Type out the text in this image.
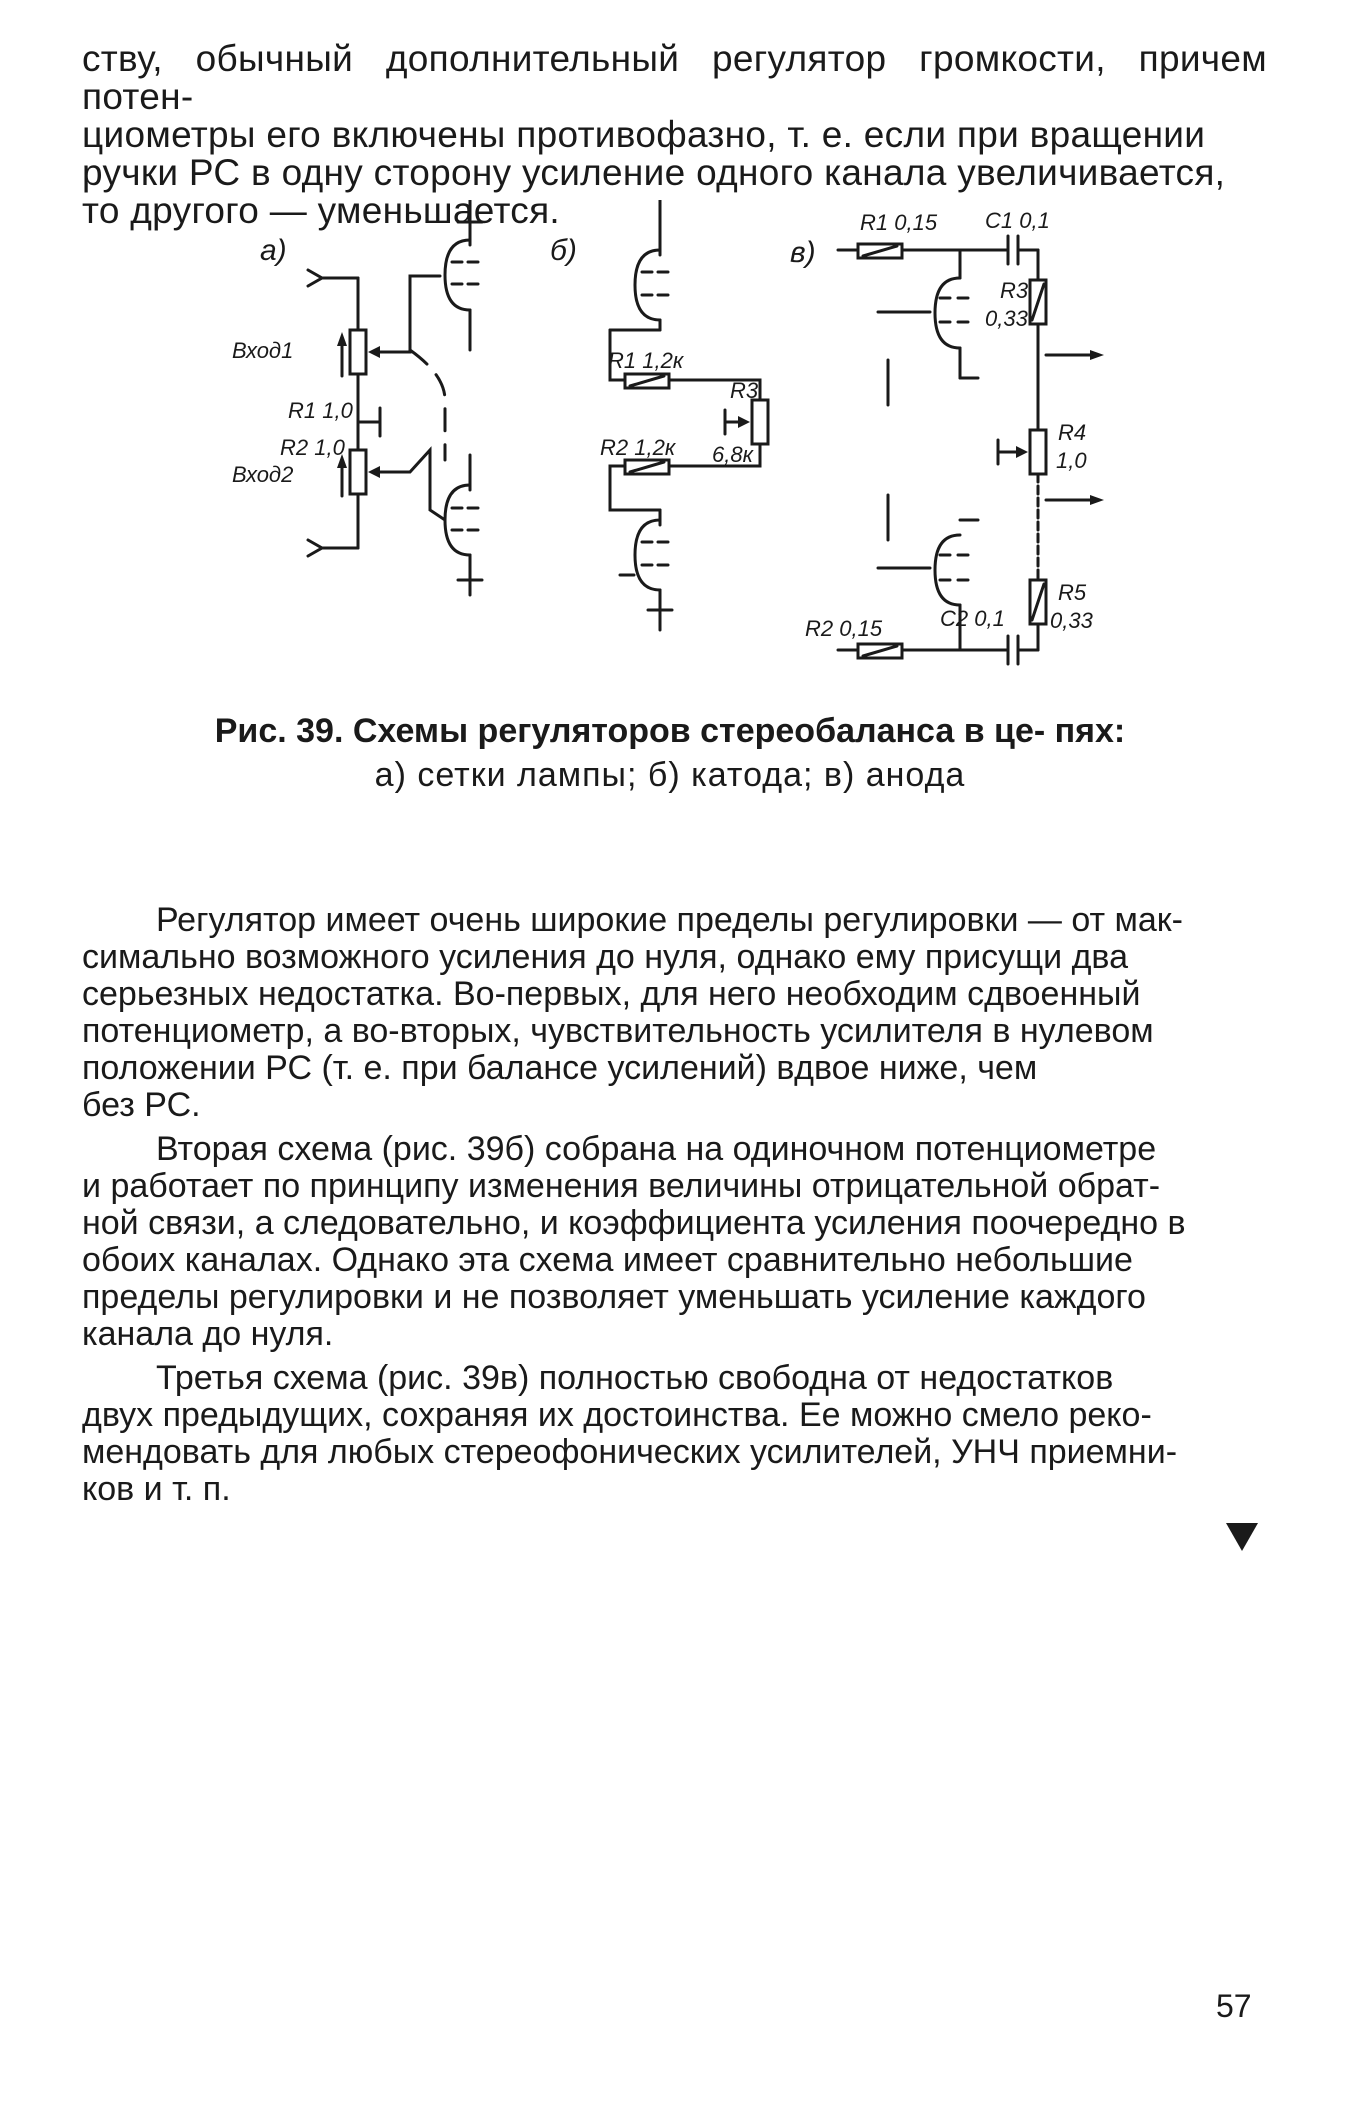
ству, обычный дополнительный регулятор громкости, причем потен-
циометры его включены противофазно, т. е. если при вращении
ручки РС в одну сторону усиление одного канала увеличивается,
то другого — уменьшается.
а)
Вход1
Вход2
R1 1,0
R2 1,0
б)
R1 1,2к
R3
R2 1,2к 6,8к
в)
R1 0,15 C1 0,1
R3
0,33
R4
1,0
R5
0,33
C2 0,1
R2 0,15
Рис. 39. Схемы регуляторов стереобаланса в це- пях:
а) сетки лампы; б) катода; в) анода
Регулятор имеет очень широкие пределы регулировки — от мак-
симально возможного усиления до нуля, однако ему присущи два
серьезных недостатка. Во-первых, для него необходим сдвоенный
потенциометр, а во-вторых, чувствительность усилителя в нулевом
положении РС (т. е. при балансе усилений) вдвое ниже, чем
без РС.
Вторая схема (рис. 39б) собрана на одиночном потенциометре
и работает по принципу изменения величины отрицательной обрат-
ной связи, а следовательно, и коэффициента усиления поочередно в
обоих каналах. Однако эта схема имеет сравнительно небольшие
пределы регулировки и не позволяет уменьшать усиление каждого
канала до нуля.
Третья схема (рис. 39в) полностью свободна от недостатков
двух предыдущих, сохраняя их достоинства. Ее можно смело реко-
мендовать для любых стереофонических усилителей, УНЧ приемни-
ков и т. п.
57
